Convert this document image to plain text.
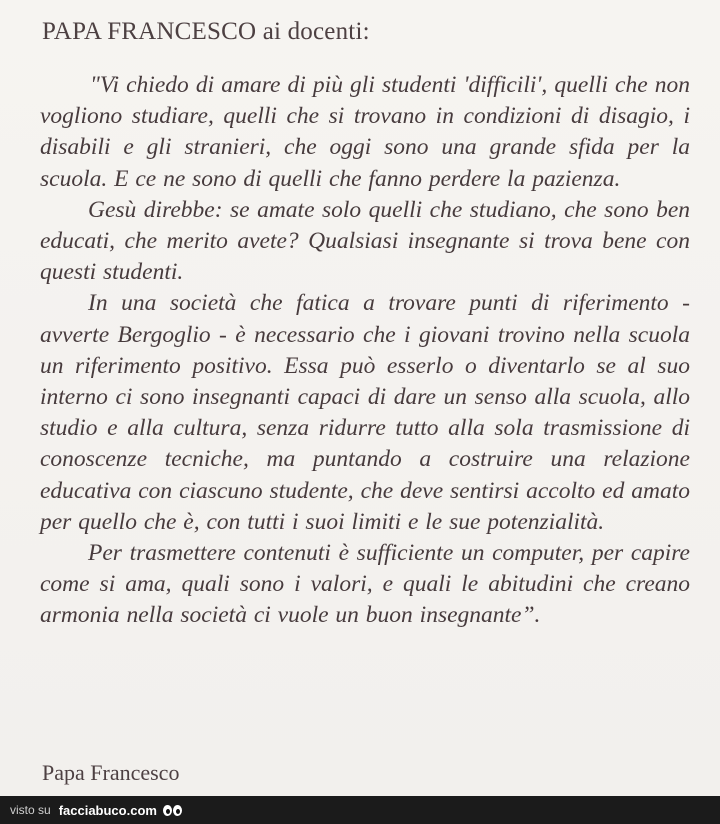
PAPA FRANCESCO ai docenti:

"Vi chiedo di amare di più gli studenti 'difficili', quelli che non vogliono studiare, quelli che si trovano in condizioni di disagio, i disabili e gli stranieri, che oggi sono una grande sfida per la scuola. E ce ne sono di quelli che fanno perdere la pazienza.

Gesù direbbe: se amate solo quelli che studiano, che sono ben educati, che merito avete? Qualsiasi insegnante si trova bene con questi studenti.

In una società che fatica a trovare punti di riferimento - avverte Bergoglio - è necessario che i giovani trovino nella scuola un riferimento positivo. Essa può esserlo o diventarlo se al suo interno ci sono insegnanti capaci di dare un senso alla scuola, allo studio e alla cultura, senza ridurre tutto alla sola trasmissione di conoscenze tecniche, ma puntando a costruire una relazione educativa con ciascuno studente, che deve sentirsi accolto ed amato per quello che è, con tutti i suoi limiti e le sue potenzialità.

Per trasmettere contenuti è sufficiente un computer, per capire come si ama, quali sono i valori, e quali le abitudini che creano armonia nella società ci vuole un buon insegnante”.

Papa Francesco
visto su facciabuco.com
